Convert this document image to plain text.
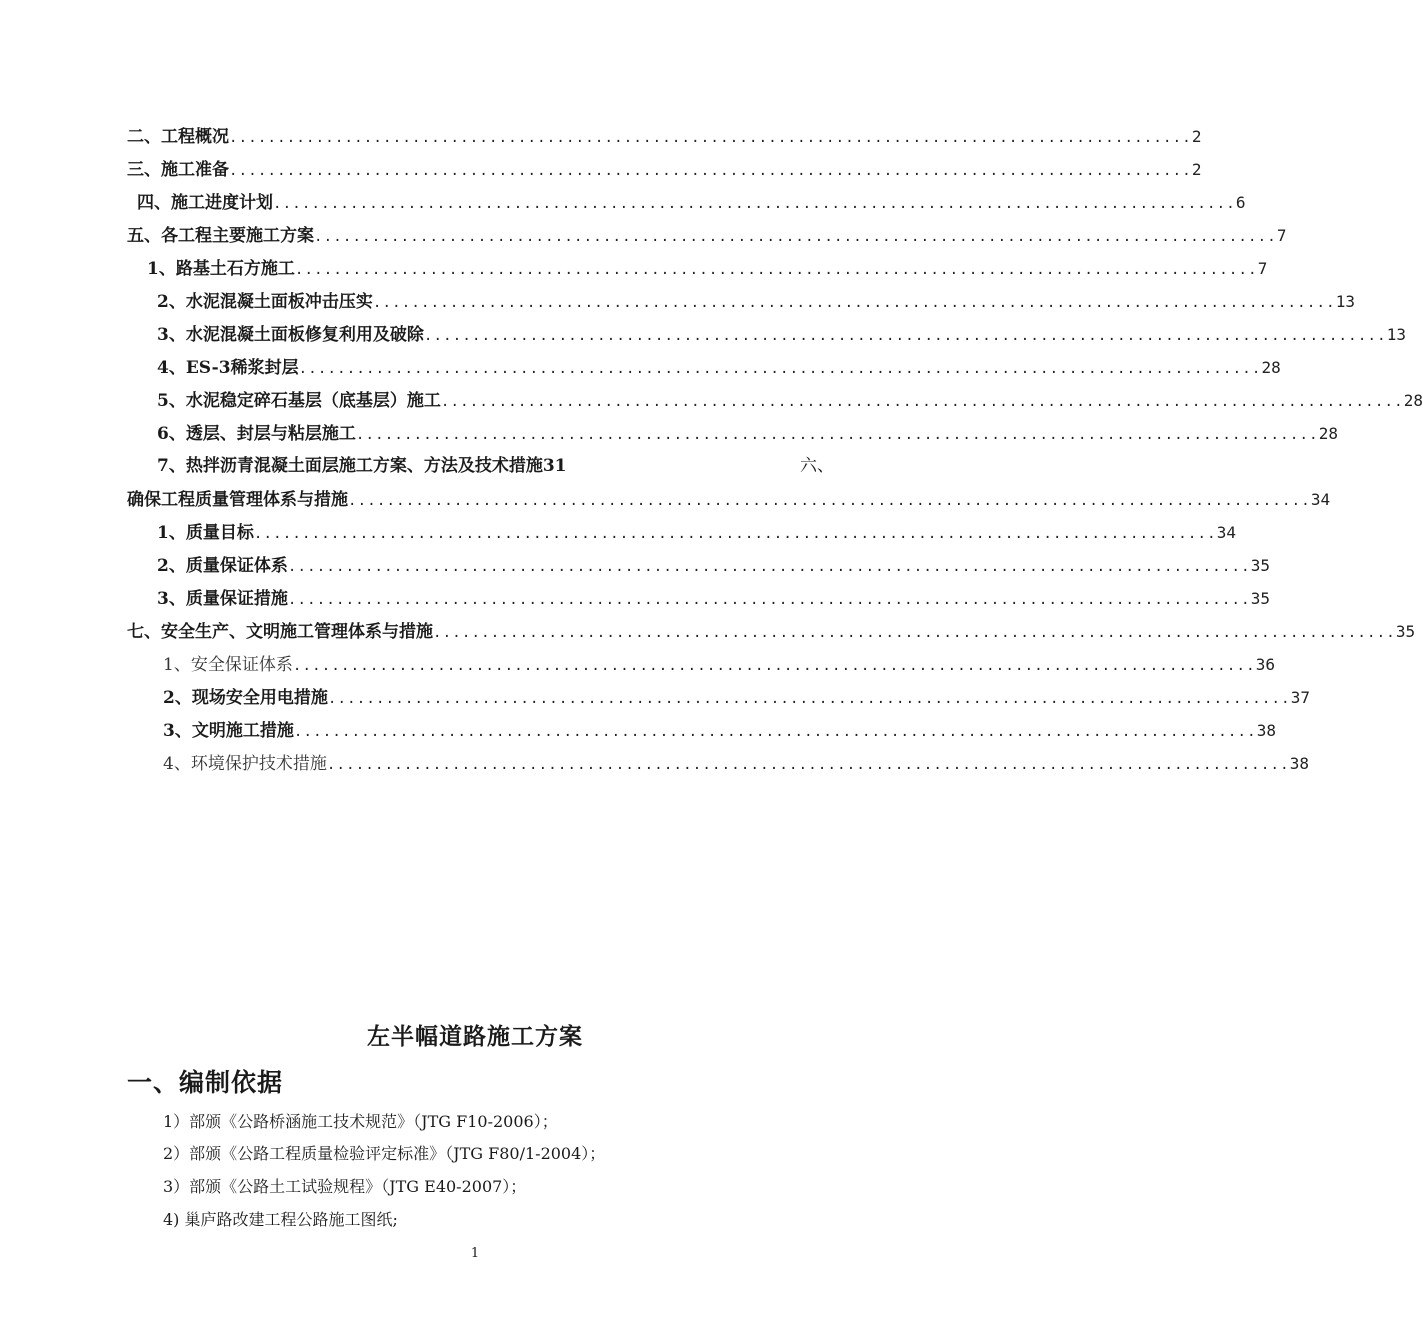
二、工程概况 .................................................................................................... 2
三、施工准备 .................................................................................................... 2
四、施工进度计划 .................................................................................................... 6
五、各工程主要施工方案 .................................................................................................... 7
1、路基土石方施工 .................................................................................................... 7
2、水泥混凝土面板冲击压实 .................................................................................................... 13
3、水泥混凝土面板修复利用及破除 .................................................................................................... 13
4、ES-3稀浆封层 .................................................................................................... 28
5、水泥稳定碎石基层（底基层）施工 .................................................................................................... 28
6、透层、封层与粘层施工 .................................................................................................... 28
7、热拌沥青混凝土面层施工方案、方法及技术措施31	六、
确保工程质量管理体系与措施 .................................................................................................... 34
1、质量目标 .................................................................................................... 34
2、质量保证体系 .................................................................................................... 35
3、质量保证措施 .................................................................................................... 35
七、安全生产、文明施工管理体系与措施 .................................................................................................... 35
1、安全保证体系 .................................................................................................... 36
2、现场安全用电措施 .................................................................................................... 37
3、文明施工措施 .................................................................................................... 38
4、环境保护技术措施 .................................................................................................... 38
左半幅道路施工方案
一、编制依据
1）部颁《公路桥涵施工技术规范》（JTG F10-2006）；
2）部颁《公路工程质量检验评定标准》（JTG F80/1-2004）；
3）部颁《公路土工试验规程》（JTG E40-2007）；
4) 巢庐路改建工程公路施工图纸;
1
